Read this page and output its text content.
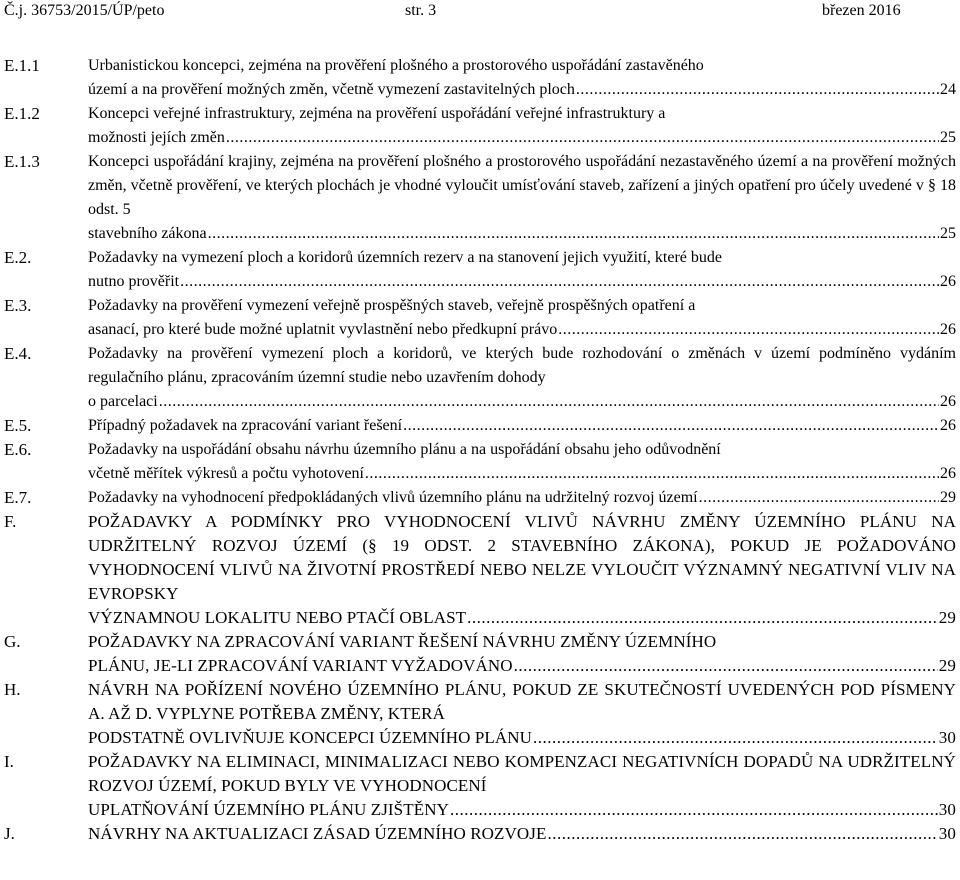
Č.j. 36753/2015/ÚP/peto	str. 3	březen 2016
E.1.1	Urbanistickou koncepci, zejména na prověření plošného a prostorového uspořádání zastavěného
území a na prověření možných změn, včetně vymezení zastavitelných ploch .....	24
E.1.2	Koncepci veřejné infrastruktury, zejména na prověření uspořádání veřejné infrastruktury a
možnosti jejích změn .....	25
E.1.3	Koncepci uspořádání krajiny, zejména na prověření plošného a prostorového uspořádání nezastavěného území a na prověření možných změn, včetně prověření, ve kterých plochách je vhodné vyloučit umísťování staveb, zařízení a jiných opatření pro účely uvedené v § 18 odst. 5
stavebního zákona .....	25
E.2.	Požadavky na vymezení ploch a koridorů územních rezerv a na stanovení jejich využití, které bude
nutno prověřit .....	26
E.3.	Požadavky na prověření vymezení veřejně prospěšných staveb, veřejně prospěšných opatření a
asanací, pro které bude možné uplatnit vyvlastnění nebo předkupní právo .....	26
E.4.	Požadavky na prověření vymezení ploch a koridorů, ve kterých bude rozhodování o změnách v území podmíněno vydáním regulačního plánu, zpracováním územní studie nebo uzavřením dohody
o parcelaci .....	26
E.5.	Případný požadavek na zpracování variant řešení .....	26
E.6.	Požadavky na uspořádání obsahu návrhu územního plánu a na uspořádání obsahu jeho odůvodnění
včetně měřítek výkresů a počtu vyhotovení .....	26
E.7.	Požadavky na vyhodnocení předpokládaných vlivů územního plánu na udržitelný rozvoj území .....	29
F.	POŽADAVKY A PODMÍNKY PRO VYHODNOCENÍ VLIVŮ NÁVRHU ZMĚNY ÚZEMNÍHO PLÁNU NA UDRŽITELNÝ ROZVOJ ÚZEMÍ (§ 19 ODST. 2 STAVEBNÍHO ZÁKONA), POKUD JE POŽADOVÁNO VYHODNOCENÍ VLIVŮ NA ŽIVOTNÍ PROSTŘEDÍ NEBO NELZE VYLOUČIT VÝZNAMNÝ NEGATIVNÍ VLIV NA EVROPSKY
VÝZNAMNOU LOKALITU NEBO PTAČÍ OBLAST .....	29
G.	POŽADAVKY NA ZPRACOVÁNÍ VARIANT ŘEŠENÍ NÁVRHU ZMĚNY ÚZEMNÍHO
PLÁNU, JE-LI ZPRACOVÁNÍ VARIANT VYŽADOVÁNO .....	29
H.	NÁVRH NA POŘÍZENÍ NOVÉHO ÚZEMNÍHO PLÁNU, POKUD ZE SKUTEČNOSTÍ UVEDENÝCH POD PÍSMENY A. AŽ D. VYPLYNE POTŘEBA ZMĚNY, KTERÁ
PODSTATNĚ OVLIVŇUJE KONCEPCI ÚZEMNÍHO PLÁNU .....	30
I.	POŽADAVKY NA ELIMINACI, MINIMALIZACI NEBO KOMPENZACI NEGATIVNÍCH DOPADŮ NA UDRŽITELNÝ ROZVOJ ÚZEMÍ, POKUD BYLY VE VYHODNOCENÍ
UPLATŇOVÁNÍ ÚZEMNÍHO PLÁNU ZJIŠTĚNY .....	30
J.	NÁVRHY NA AKTUALIZACI ZÁSAD ÚZEMNÍHO ROZVOJE .....	30
